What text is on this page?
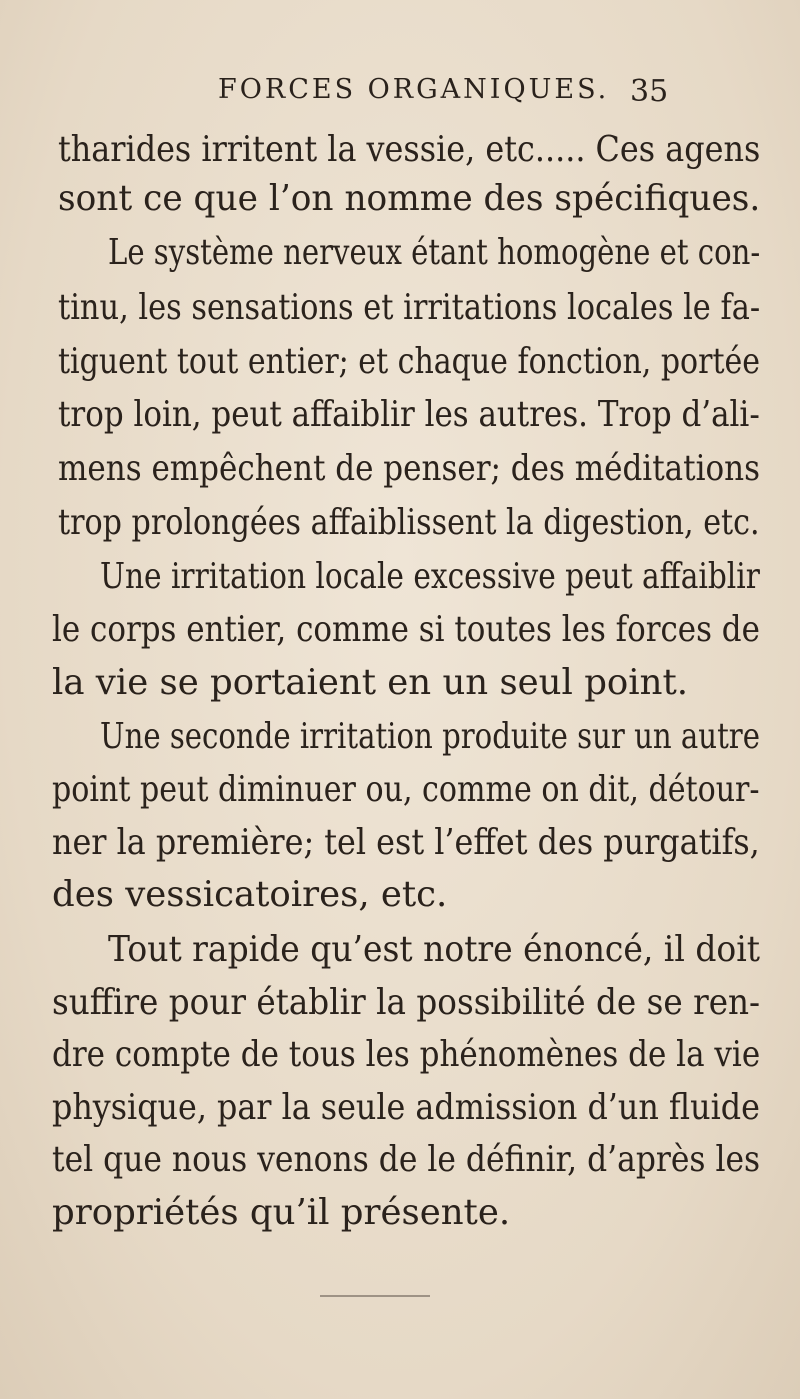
FORCES ORGANIQUES. 35
tharides irritent la vessie, etc..... Ces agens
sont ce que l’on nomme des spécifiques.
Le système nerveux étant homogène et con-
tinu, les sensations et irritations locales le fa-
tiguent tout entier; et chaque fonction, portée
trop loin, peut affaiblir les autres. Trop d’ali-
mens empêchent de penser; des méditations
trop prolongées affaiblissent la digestion, etc.
Une irritation locale excessive peut affaiblir
le corps entier, comme si toutes les forces de
la vie se portaient en un seul point.
Une seconde irritation produite sur un autre
point peut diminuer ou, comme on dit, détour-
ner la première; tel est l’effet des purgatifs,
des vessicatoires, etc.
Tout rapide qu’est notre énoncé, il doit
suffire pour établir la possibilité de se ren-
dre compte de tous les phénomènes de la vie
physique, par la seule admission d’un fluide
tel que nous venons de le définir, d’après les
propriétés qu’il présente.
